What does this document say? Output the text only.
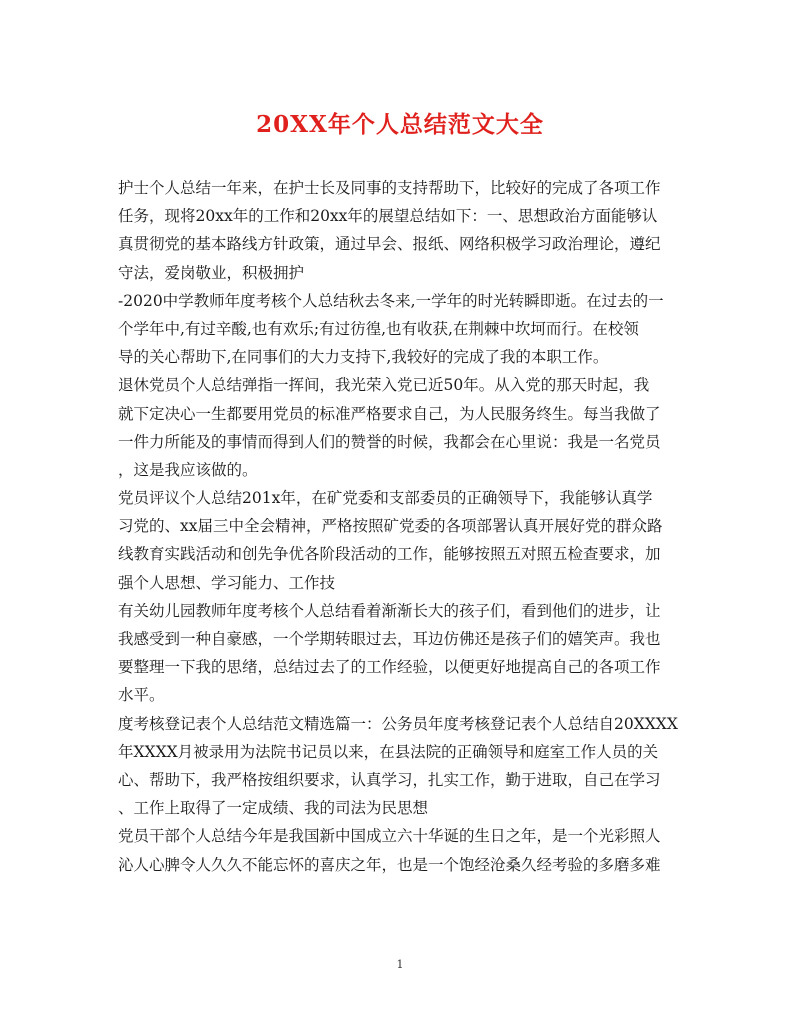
20XX年个人总结范文大全
护士个人总结一年来，在护士长及同事的支持帮助下，比较好的完成了各项工作
任务，现将20xx年的工作和20xx年的展望总结如下：一、思想政治方面能够认
真贯彻党的基本路线方针政策，通过早会、报纸、网络积极学习政治理论，遵纪
守法，爱岗敬业，积极拥护
-2020中学教师年度考核个人总结秋去冬来,一学年的时光转瞬即逝。在过去的一
个学年中,有过辛酸,也有欢乐;有过彷徨,也有收获,在荆棘中坎坷而行。在校领
导的关心帮助下,在同事们的大力支持下,我较好的完成了我的本职工作。
退休党员个人总结弹指一挥间，我光荣入党已近50年。从入党的那天时起，我
就下定决心一生都要用党员的标准严格要求自己，为人民服务终生。每当我做了
一件力所能及的事情而得到人们的赞誉的时候，我都会在心里说：我是一名党员
，这是我应该做的。
党员评议个人总结201x年，在矿党委和支部委员的正确领导下，我能够认真学
习党的、xx届三中全会精神，严格按照矿党委的各项部署认真开展好党的群众路
线教育实践活动和创先争优各阶段活动的工作，能够按照五对照五检查要求，加
强个人思想、学习能力、工作技
有关幼儿园教师年度考核个人总结看着渐渐长大的孩子们，看到他们的进步，让
我感受到一种自豪感，一个学期转眼过去，耳边仿佛还是孩子们的嬉笑声。我也
要整理一下我的思绪，总结过去了的工作经验，以便更好地提高自己的各项工作
水平。
度考核登记表个人总结范文精选篇一：公务员年度考核登记表个人总结自20XXXX
年XXXX月被录用为法院书记员以来，在县法院的正确领导和庭室工作人员的关
心、帮助下，我严格按组织要求，认真学习，扎实工作，勤于进取，自己在学习
、工作上取得了一定成绩、我的司法为民思想
党员干部个人总结今年是我国新中国成立六十华诞的生日之年，是一个光彩照人
沁人心脾令人久久不能忘怀的喜庆之年，也是一个饱经沧桑久经考验的多磨多难
1
